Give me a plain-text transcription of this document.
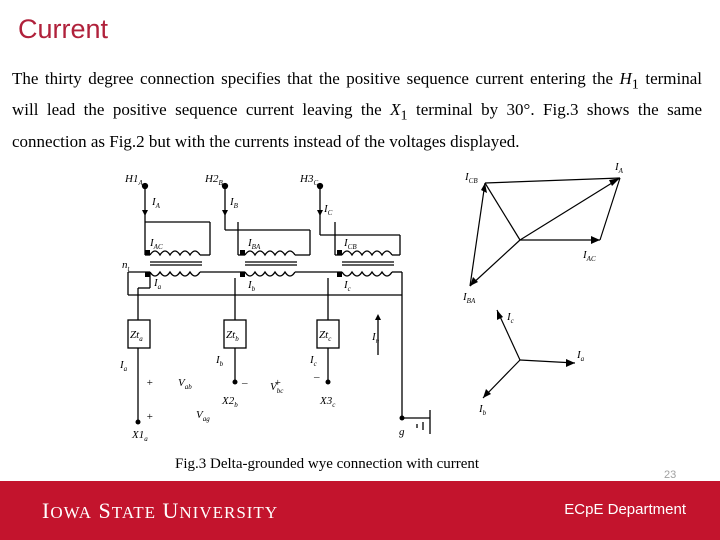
Current
The thirty degree connection specifies that the positive sequence current entering the $H_1$ terminal will lead the positive sequence current leaving the $X_1$ terminal by 30°. Fig.3 shows the same connection as Fig.2 but with the currents instead of the voltages displayed.
$H1_A$	$H2_B$	$H3_C$
$I_A$	$I_B$	$I_C$
$I_{AC}$	$I_{BA}$	$I_{CB}$
$n_t$
$I_a$	$I_b$	$I_c$
$Zt_a$	$Zt_b$	$Zt_c$	$I_n$
$I_a$
$I_b$	$I_c$
+
+
– +	–
$V_{ab}$	$V_{bc}$
$V_{ag}$
$X2_b$	$X3_c$
$X1_a$
g
$I_{CB}$
$I_A$
$I_{AC}$
$I_{BA}$
$I_c$
$I_a$
$I_b$
Fig.3 Delta-grounded wye connection with current
23
IOWA STATE UNIVERSITY	ECpE Department
